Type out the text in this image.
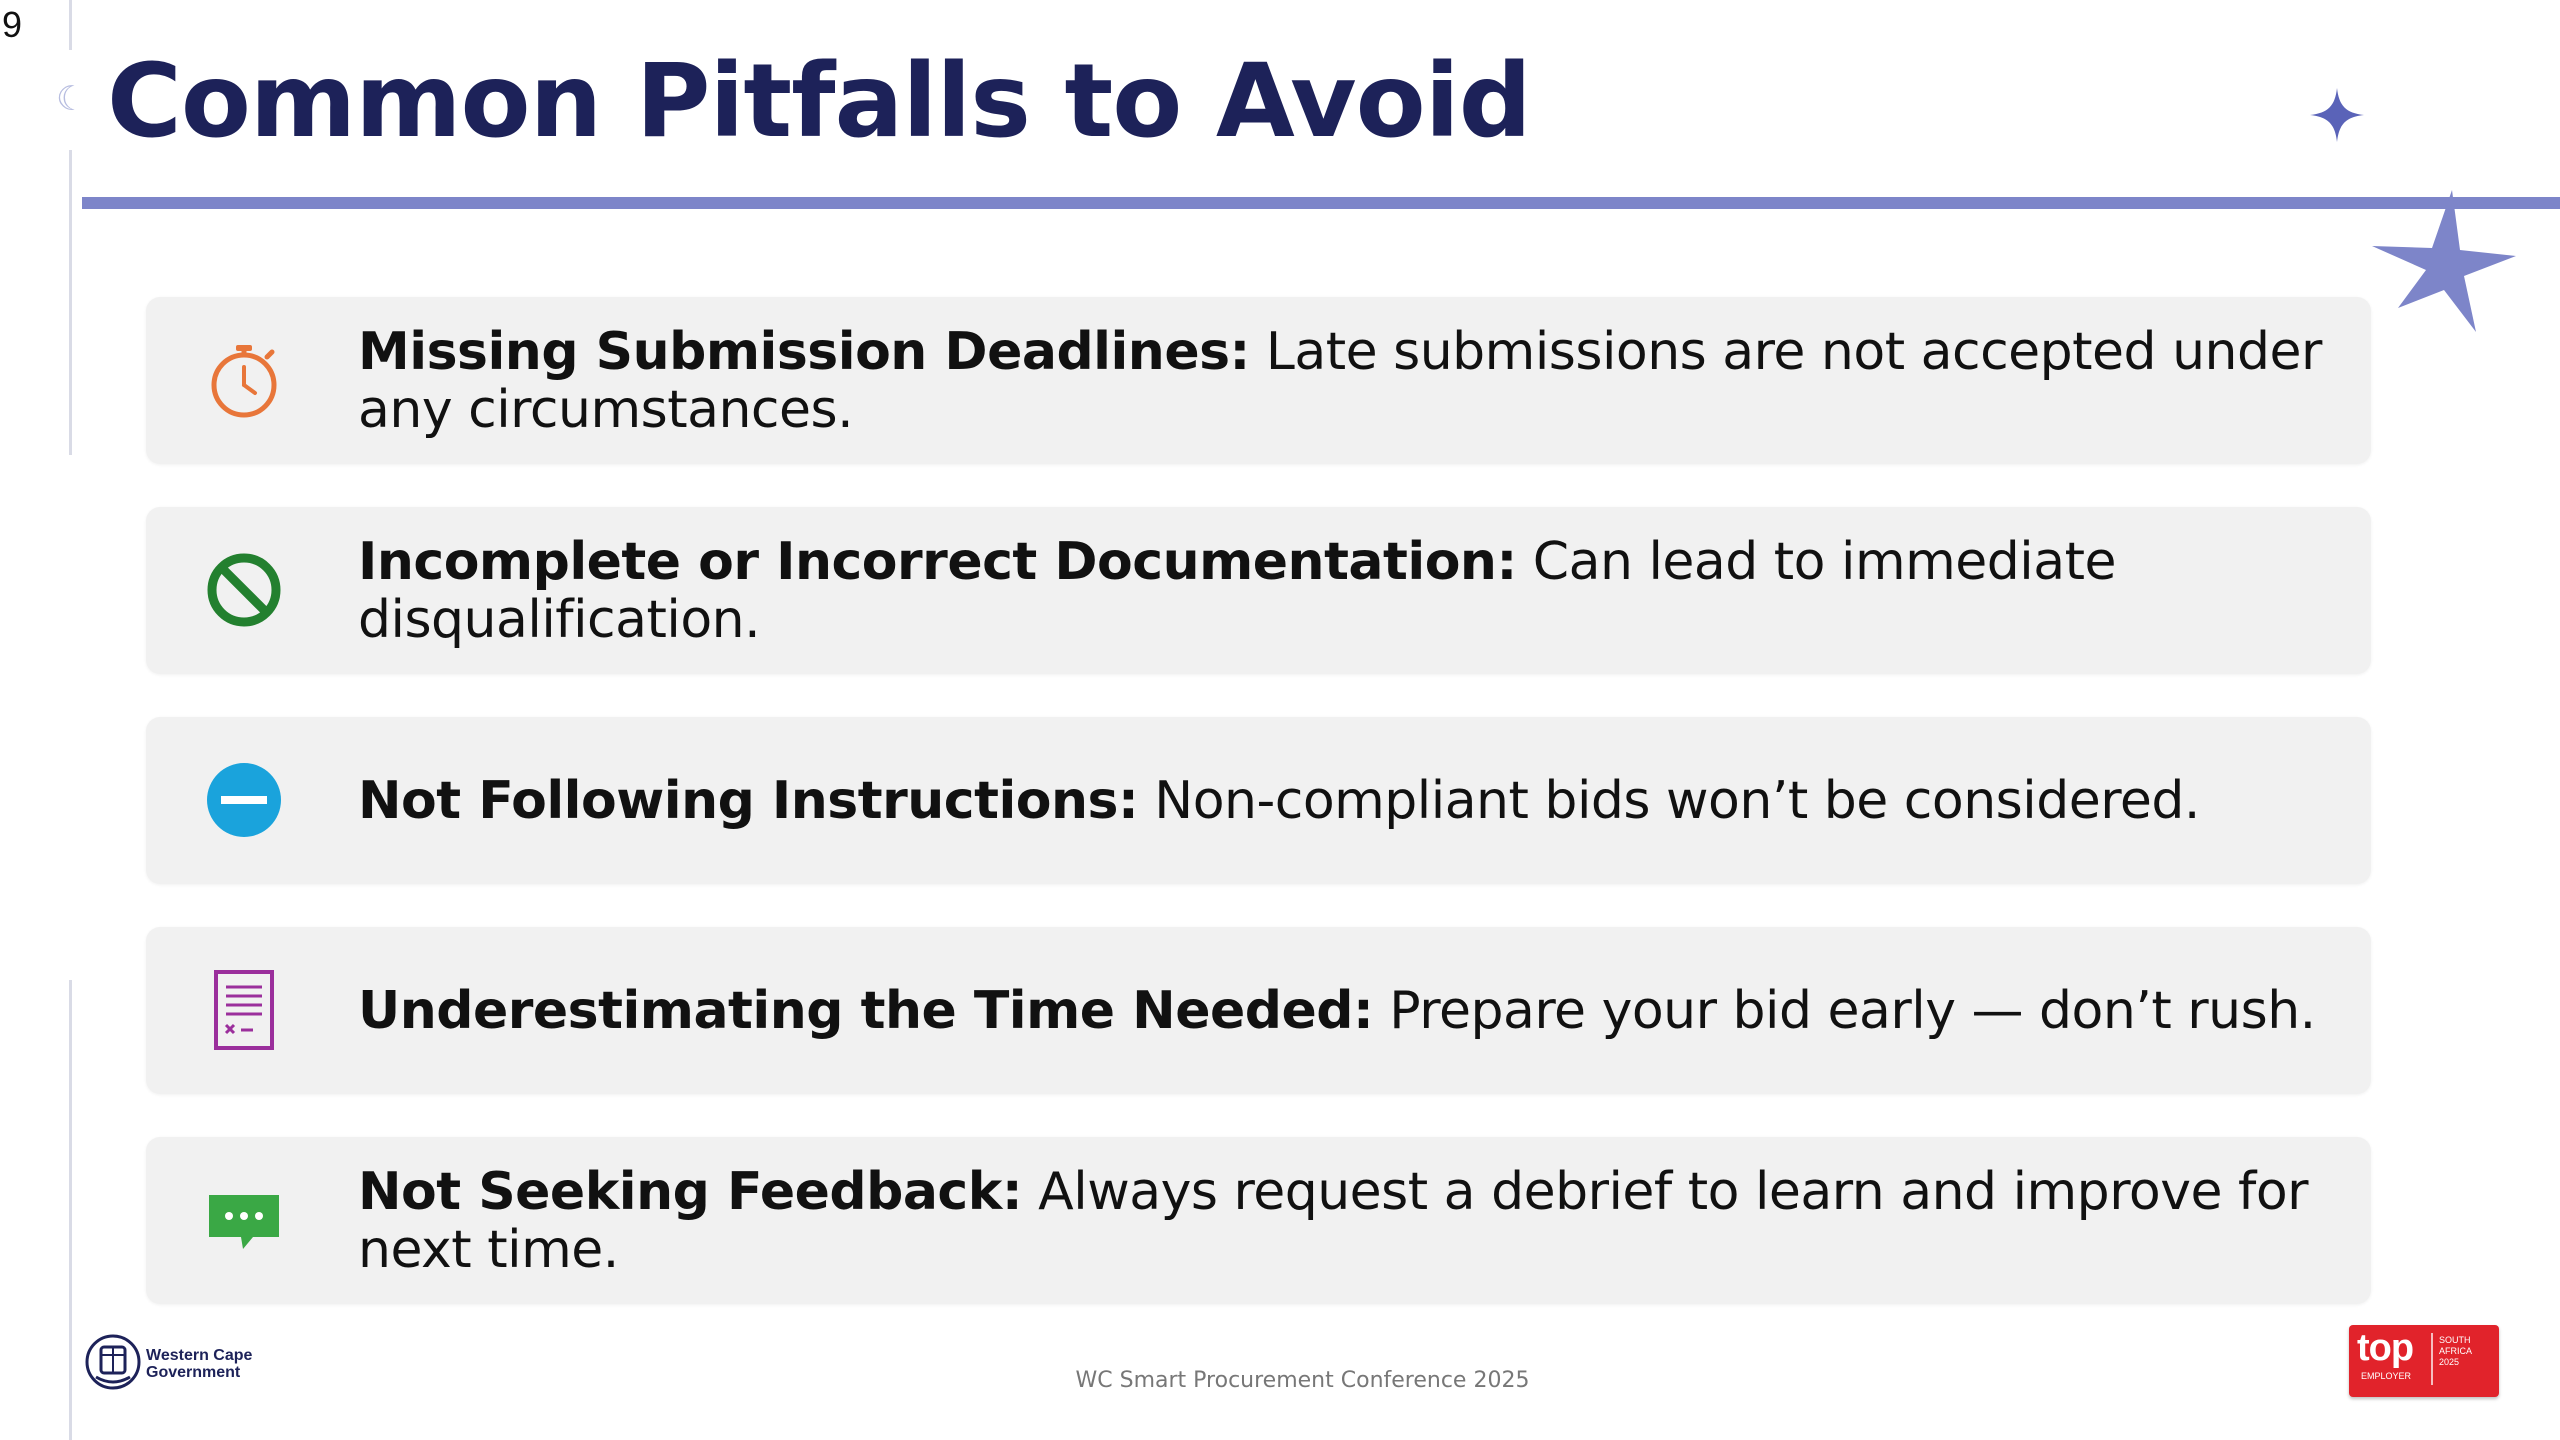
9
☾ Common Pitfalls to Avoid
Missing Submission Deadlines: Late submissions are not accepted under any circumstances.
Incomplete or Incorrect Documentation: Can lead to immediate disqualification.
Not Following Instructions: Non-compliant bids won’t be considered.
Underestimating the Time Needed: Prepare your bid early — don’t rush.
Not Seeking Feedback: Always request a debrief to learn and improve for next time.
Western Cape
Government	WC Smart Procurement Conference 2025
top
EMPLOYER
SOUTH
AFRICA
2025
